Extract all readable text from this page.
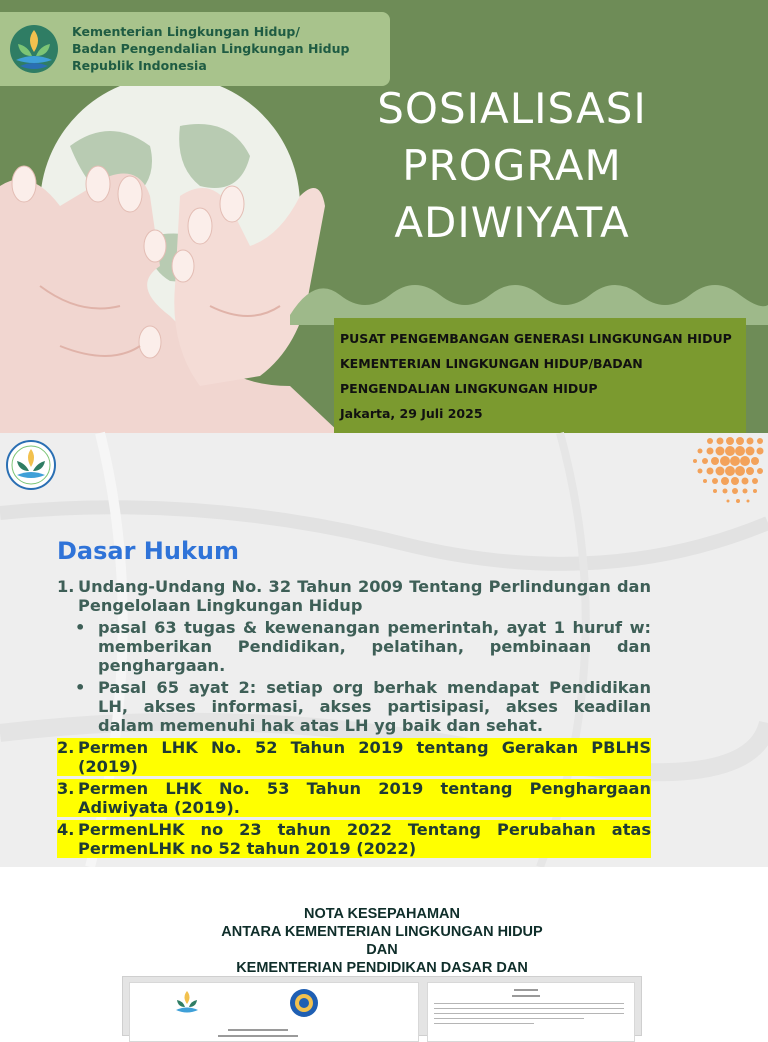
Kementerian Lingkungan Hidup/
Badan Pengendalian Lingkungan Hidup
Republik Indonesia
SOSIALISASI
PROGRAM
ADIWIYATA
PUSAT PENGEMBANGAN GENERASI LINGKUNGAN HIDUP
KEMENTERIAN LINGKUNGAN HIDUP/BADAN
PENGENDALIAN LINGKUNGAN HIDUP
Jakarta, 29 Juli 2025
Dasar Hukum
1. Undang-Undang No. 32 Tahun 2009 Tentang Perlindungan dan Pengelolaan Lingkungan Hidup
• pasal 63 tugas & kewenangan pemerintah, ayat 1 huruf w: memberikan Pendidikan, pelatihan, pembinaan dan penghargaan.
• Pasal 65 ayat 2: setiap org berhak mendapat Pendidikan LH, akses informasi, akses partisipasi, akses keadilan dalam memenuhi hak atas LH yg baik dan sehat.
2. Permen LHK No. 52 Tahun 2019 tentang Gerakan PBLHS (2019)
3. Permen LHK No. 53 Tahun 2019 tentang Penghargaan Adiwiyata (2019).
4. PermenLHK no 23 tahun 2022 Tentang Perubahan atas PermenLHK no 52 tahun 2019 (2022)
NOTA KESEPAHAMAN
ANTARA KEMENTERIAN LINGKUNGAN HIDUP
DAN
KEMENTERIAN PENDIDIKAN DASAR DAN
